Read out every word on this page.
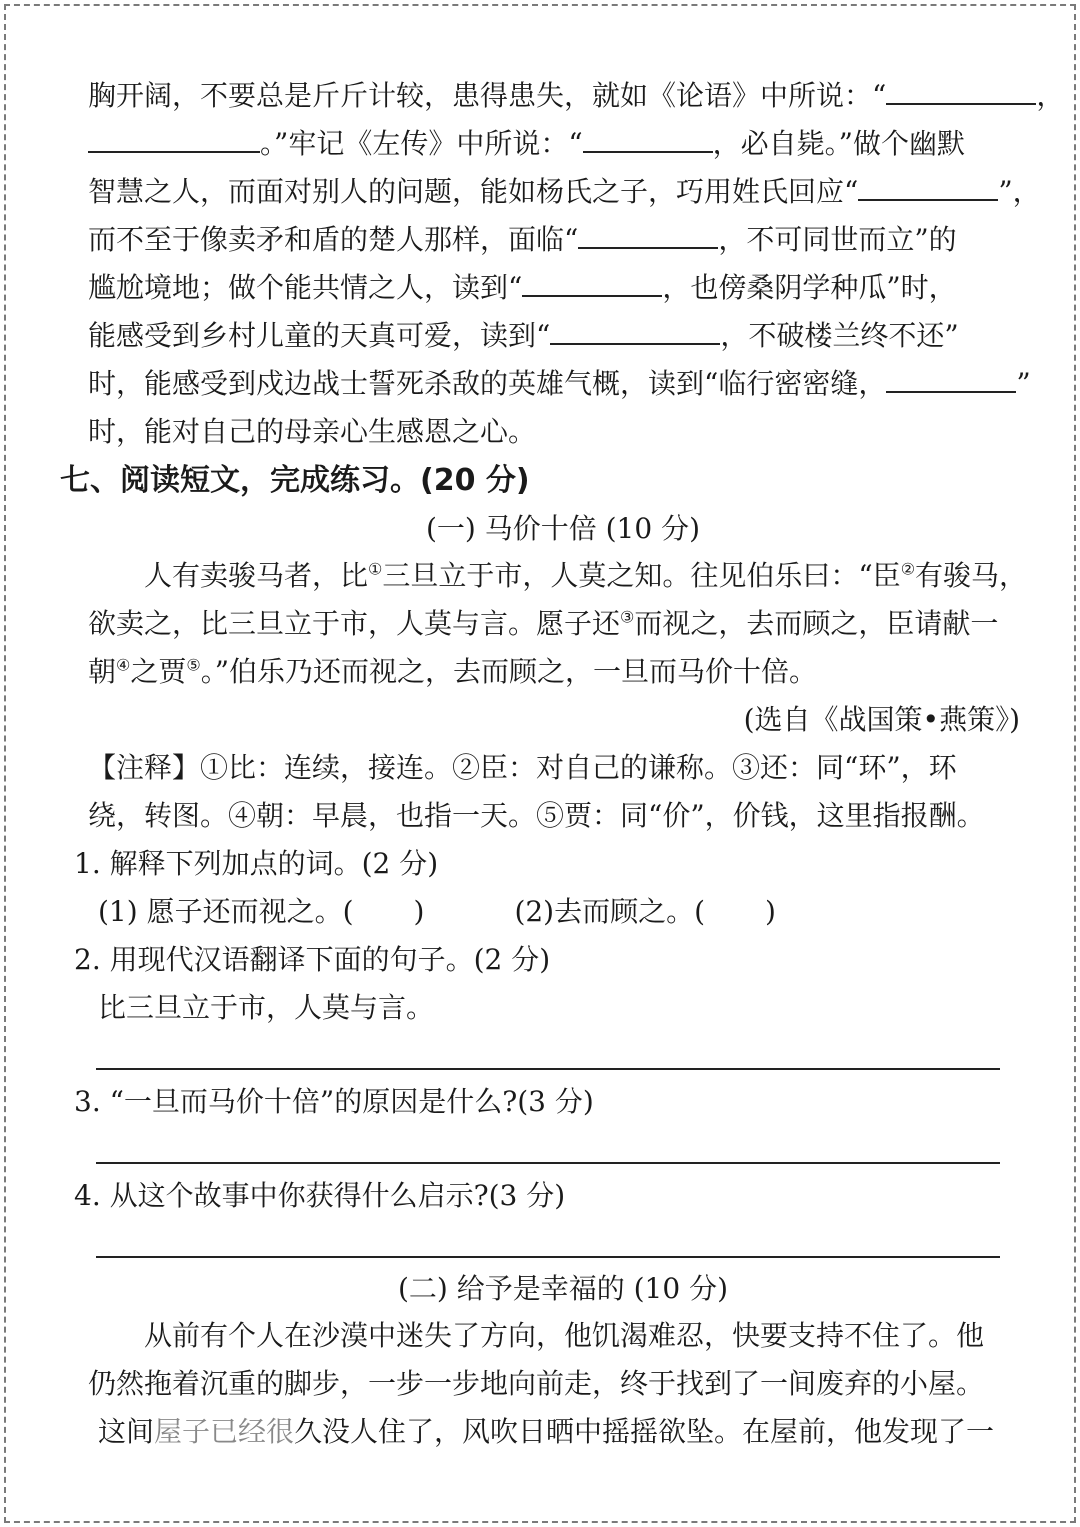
胸开阔，不要总是斤斤计较，患得患失，就如《论语》中所说：“	，
。”牢记《左传》中所说：“	，必自毙。”做个幽默
智慧之人，而面对别人的问题，能如杨氏之子，巧用姓氏回应“	”，
而不至于像卖矛和盾的楚人那样，面临“	，不可同世而立”的
尴尬境地；做个能共情之人，读到“	，也傍桑阴学种瓜”时，
能感受到乡村儿童的天真可爱，读到“	，不破楼兰终不还”
时，能感受到戍边战士誓死杀敌的英雄气概，读到“临行密密缝，	”
时，能对自己的母亲心生感恩之心。
七、阅读短文，完成练习。(20 分)
(一) 马价十倍 (10 分)
人有卖骏马者，比①三旦立于市，人莫之知。往见伯乐曰：“臣②有骏马，
欲卖之，比三旦立于市，人莫与言。愿子还③而视之，去而顾之，臣请献一
朝④之贾⑤。”伯乐乃还而视之，去而顾之，一旦而马价十倍。
(选自《战国策•燕策》)
【注释】①比：连续，接连。②臣：对自己的谦称。③还：同“环”，环
绕，转图。④朝：早晨，也指一天。⑤贾：同“价”，价钱，这里指报酬。
1. 解释下列加点的词。(2 分)
(1) 愿子还而视之。( )	(2)去而顾之。( )
2. 用现代汉语翻译下面的句子。(2 分)
比三旦立于市，人莫与言。
3. “一旦而马价十倍”的原因是什么?(3 分)
4. 从这个故事中你获得什么启示?(3 分)
(二) 给予是幸福的 (10 分)
从前有个人在沙漠中迷失了方向，他饥渴难忍，快要支持不住了。他
仍然拖着沉重的脚步，一步一步地向前走，终于找到了一间废弃的小屋。
这间屋子已经很久没人住了，风吹日晒中摇摇欲坠。在屋前，他发现了一
